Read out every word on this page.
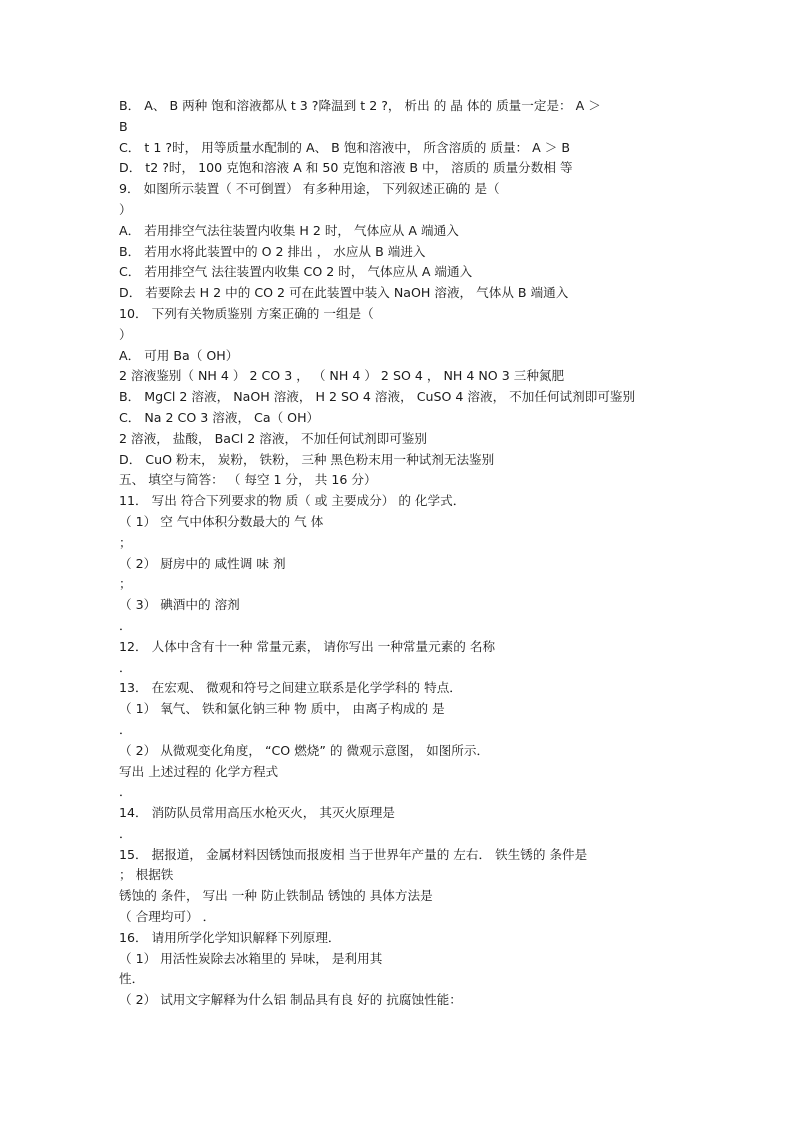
B． A、 B 两种 饱和溶液都从 t 3 ?降温到 t 2 ?， 析出 的 晶 体的 质量一定是： A ＞
B
C． t 1 ?时， 用等质量水配制的 A、 B 饱和溶液中， 所含溶质的 质量： A ＞ B
D． t2 ?时， 100 克饱和溶液 A 和 50 克饱和溶液 B 中， 溶质的 质量分数相 等
9． 如图所示装置（ 不可倒置） 有多种用途， 下列叙述正确的 是（
）
A． 若用排空气法往装置内收集 H 2 时， 气体应从 A 端通入
B． 若用水将此装置中的 O 2 排出 ， 水应从 B 端进入
C． 若用排空气 法往装置内收集 CO 2 时， 气体应从 A 端通入
D． 若要除去 H 2 中的 CO 2 可在此装置中装入 NaOH 溶液， 气体从 B 端通入
10． 下列有关物质鉴别 方案正确的 一组是（
）
A． 可用 Ba（ OH）
2 溶液鉴别（ NH 4 ） 2 CO 3 ， （ NH 4 ） 2 SO 4 ， NH 4 NO 3 三种氮肥
B． MgCl 2 溶液， NaOH 溶液， H 2 SO 4 溶液， CuSO 4 溶液， 不加任何试剂即可鉴别
C． Na 2 CO 3 溶液， Ca（ OH）
2 溶液， 盐酸， BaCl 2 溶液， 不加任何试剂即可鉴别
D． CuO 粉末， 炭粉， 铁粉， 三种 黑色粉末用一种试剂无法鉴别
五、 填空与简答： （ 每空 1 分， 共 16 分）
11． 写出 符合下列要求的物 质（ 或 主要成分） 的 化学式．
（ 1） 空 气中体积分数最大的 气 体
；
（ 2） 厨房中的 咸性调 味 剂
；
（ 3） 碘酒中的 溶剂
．
12． 人体中含有十一种 常量元素， 请你写出 一种常量元素的 名称
．
13． 在宏观、 微观和符号之间建立联系是化学学科的 特点．
（ 1） 氧气、 铁和氯化钠三种 物 质中， 由离子构成的 是
．
（ 2） 从微观变化角度， “CO 燃烧” 的 微观示意图， 如图所示．
写出 上述过程的 化学方程式
．
14． 消防队员常用高压水枪灭火， 其灭火原理是
．
15． 据报道， 金属材料因锈蚀而报废相 当于世界年产量的 左右． 铁生锈的 条件是
； 根据铁
锈蚀的 条件， 写出 一种 防止铁制品 锈蚀的 具体方法是
（ 合理均可） ．
16． 请用所学化学知识解释下列原理．
（ 1） 用活性炭除去冰箱里的 异味， 是利用其
性．
（ 2） 试用文字解释为什么铝 制品具有良 好的 抗腐蚀性能：
